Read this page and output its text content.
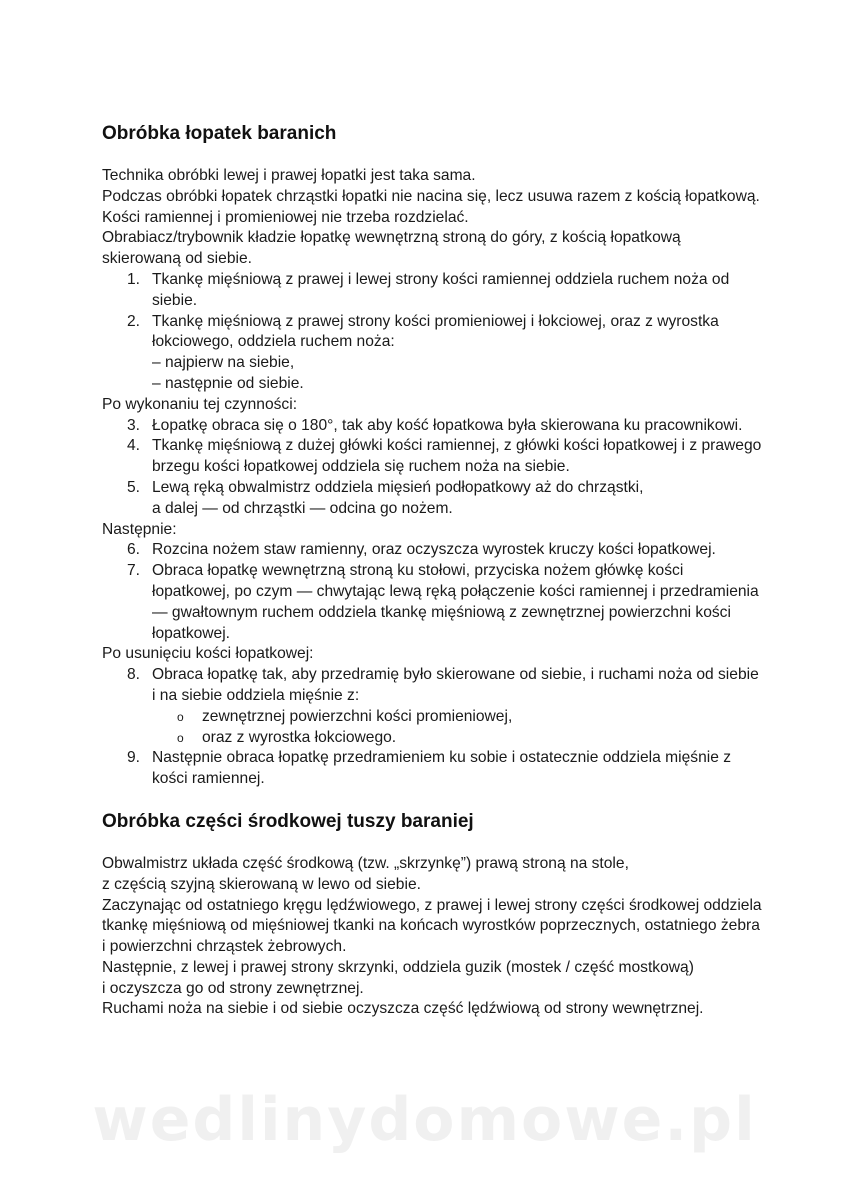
Obróbka łopatek baranich

Technika obróbki lewej i prawej łopatki jest taka sama.

Podczas obróbki łopatek chrząstki łopatki nie nacina się, lecz usuwa razem z kością łopatkową.

Kości ramiennej i promieniowej nie trzeba rozdzielać.

Obrabiacz/trybownik kładzie łopatkę wewnętrzną stroną do góry, z kością łopatkową skierowaną od siebie.

1. Tkankę mięśniową z prawej i lewej strony kości ramiennej oddziela ruchem noża od siebie.
2. Tkankę mięśniową z prawej strony kości promieniowej i łokciowej, oraz z wyrostka łokciowego, oddziela ruchem noża:
– najpierw na siebie,
– następnie od siebie.

Po wykonaniu tej czynności:

3. Łopatkę obraca się o 180°, tak aby kość łopatkowa była skierowana ku pracownikowi.
4. Tkankę mięśniową z dużej główki kości ramiennej, z główki kości łopatkowej i z prawego brzegu kości łopatkowej oddziela się ruchem noża na siebie.
5. Lewą ręką obwalmistrz oddziela mięsień podłopatkowy aż do chrząstki,
a dalej — od chrząstki — odcina go nożem.

Następnie:

6. Rozcina nożem staw ramienny, oraz oczyszcza wyrostek kruczy kości łopatkowej.
7. Obraca łopatkę wewnętrzną stroną ku stołowi, przyciska nożem główkę kości łopatkowej, po czym — chwytając lewą ręką połączenie kości ramiennej i przedramienia — gwałtownym ruchem oddziela tkankę mięśniową z zewnętrznej powierzchni kości łopatkowej.

Po usunięciu kości łopatkowej:

8. Obraca łopatkę tak, aby przedramię było skierowane od siebie, i ruchami noża od siebie i na siebie oddziela mięśnie z:
o zewnętrznej powierzchni kości promieniowej,
o oraz z wyrostka łokciowego.
9. Następnie obraca łopatkę przedramieniem ku sobie i ostatecznie oddziela mięśnie z kości ramiennej.
Obróbka części środkowej tuszy baraniej

Obwalmistrz układa część środkową (tzw. „skrzynkę”) prawą stroną na stole,

z częścią szyjną skierowaną w lewo od siebie.

Zaczynając od ostatniego kręgu lędźwiowego, z prawej i lewej strony części środkowej oddziela tkankę mięśniową od mięśniowej tkanki na końcach wyrostków poprzecznych, ostatniego żebra i powierzchni chrząstek żebrowych.

Następnie, z lewej i prawej strony skrzynki, oddziela guzik (mostek / część mostkową)

i oczyszcza go od strony zewnętrznej.

Ruchami noża na siebie i od siebie oczyszcza część lędźwiową od strony wewnętrznej.

wedlinydomowe.pl
